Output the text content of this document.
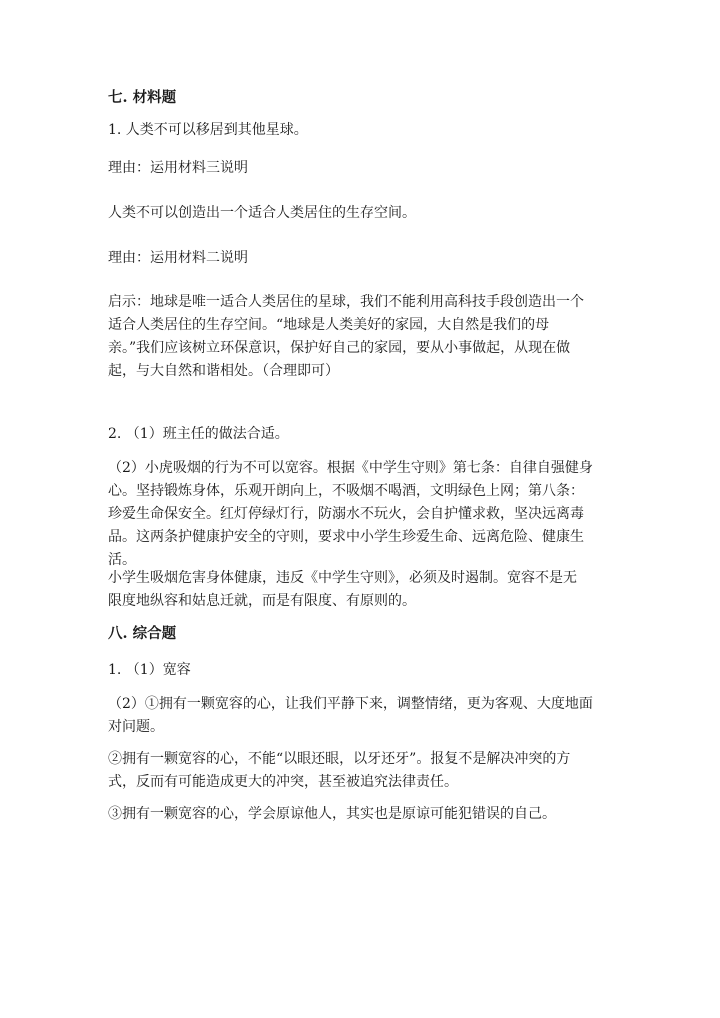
七. 材料题

1. 人类不可以移居到其他星球。

理由：运用材料三说明

人类不可以创造出一个适合人类居住的生存空间。

理由：运用材料二说明

启示：地球是唯一适合人类居住的星球，我们不能利用高科技手段创造出一个
适合人类居住的生存空间。“地球是人类美好的家园，大自然是我们的母
亲。”我们应该树立环保意识，保护好自己的家园，要从小事做起，从现在做
起，与大自然和谐相处。（合理即可）

2. （1）班主任的做法合适。

（2）小虎吸烟的行为不可以宽容。根据《中学生守则》第七条：自律自强健身
心。坚持锻炼身体，乐观开朗向上，不吸烟不喝酒，文明绿色上网；第八条：
珍爱生命保安全。红灯停绿灯行，防溺水不玩火，会自护懂求救，坚决远离毒
品。这两条护健康护安全的守则，要求中小学生珍爱生命、远离危险、健康生
活。

小学生吸烟危害身体健康，违反《中学生守则》，必须及时遏制。宽容不是无
限度地纵容和姑息迁就，而是有限度、有原则的。

八. 综合题

1. （1）宽容

（2）①拥有一颗宽容的心，让我们平静下来，调整情绪，更为客观、大度地面
对问题。

②拥有一颗宽容的心，不能“以眼还眼，以牙还牙”。报复不是解决冲突的方
式，反而有可能造成更大的冲突，甚至被追究法律责任。

③拥有一颗宽容的心，学会原谅他人，其实也是原谅可能犯错误的自己。
